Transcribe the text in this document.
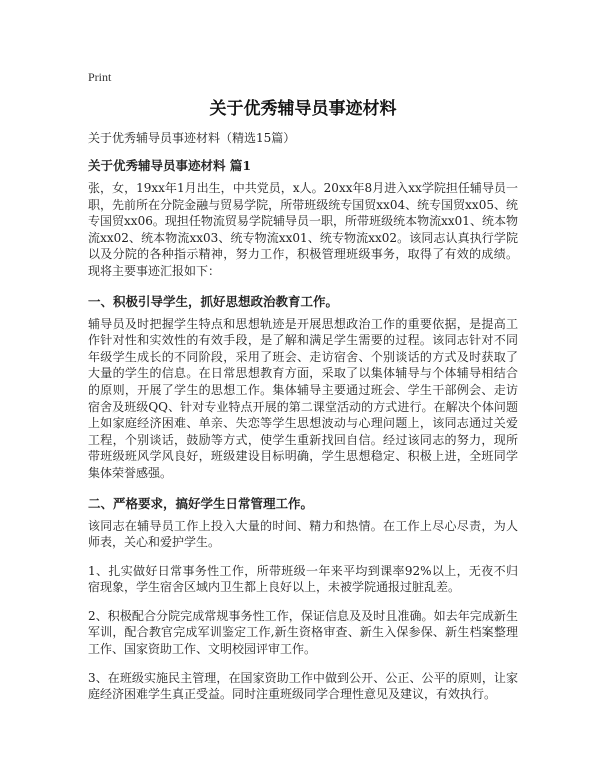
Print
关于优秀辅导员事迹材料
关于优秀辅导员事迹材料（精选15篇）
关于优秀辅导员事迹材料 篇1
张，女，19xx年1月出生，中共党员，x人。20xx年8月进入xx学院担任辅导员一职，先前所在分院金融与贸易学院，所带班级统专国贸xx04、统专国贸xx05、统专国贸xx06。现担任物流贸易学院辅导员一职，所带班级统本物流xx01、统本物流xx02、统本物流xx03、统专物流xx01、统专物流xx02。该同志认真执行学院以及分院的各种指示精神，努力工作，积极管理班级事务，取得了有效的成绩。现将主要事迹汇报如下：
一、积极引导学生，抓好思想政治教育工作。
辅导员及时把握学生特点和思想轨迹是开展思想政治工作的重要依据，是提高工作针对性和实效性的有效手段，是了解和满足学生需要的过程。该同志针对不同年级学生成长的不同阶段，采用了班会、走访宿舍、个别谈话的方式及时获取了大量的学生的信息。在日常思想教育方面，采取了以集体辅导与个体辅导相结合的原则，开展了学生的思想工作。集体辅导主要通过班会、学生干部例会、走访宿舍及班级QQ、针对专业特点开展的第二课堂活动的方式进行。在解决个体问题上如家庭经济困难、单亲、失恋等学生思想波动与心理问题上，该同志通过关爱工程，个别谈话，鼓励等方式，使学生重新找回自信。经过该同志的努力，现所带班级班风学风良好，班级建设目标明确，学生思想稳定、积极上进，全班同学集体荣誉感强。
二、严格要求，搞好学生日常管理工作。
该同志在辅导员工作上投入大量的时间、精力和热情。在工作上尽心尽责，为人师表，关心和爱护学生。
1、扎实做好日常事务性工作，所带班级一年来平均到课率92%以上，无夜不归宿现象，学生宿舍区域内卫生都上良好以上，未被学院通报过脏乱差。
2、积极配合分院完成常规事务性工作，保证信息及及时且准确。如去年完成新生军训，配合教官完成军训鉴定工作,新生资格审查、新生入保参保、新生档案整理工作、国家资助工作、文明校园评审工作。
3、在班级实施民主管理，在国家资助工作中做到公开、公正、公平的原则，让家庭经济困难学生真正受益。同时注重班级同学合理性意见及建议，有效执行。
